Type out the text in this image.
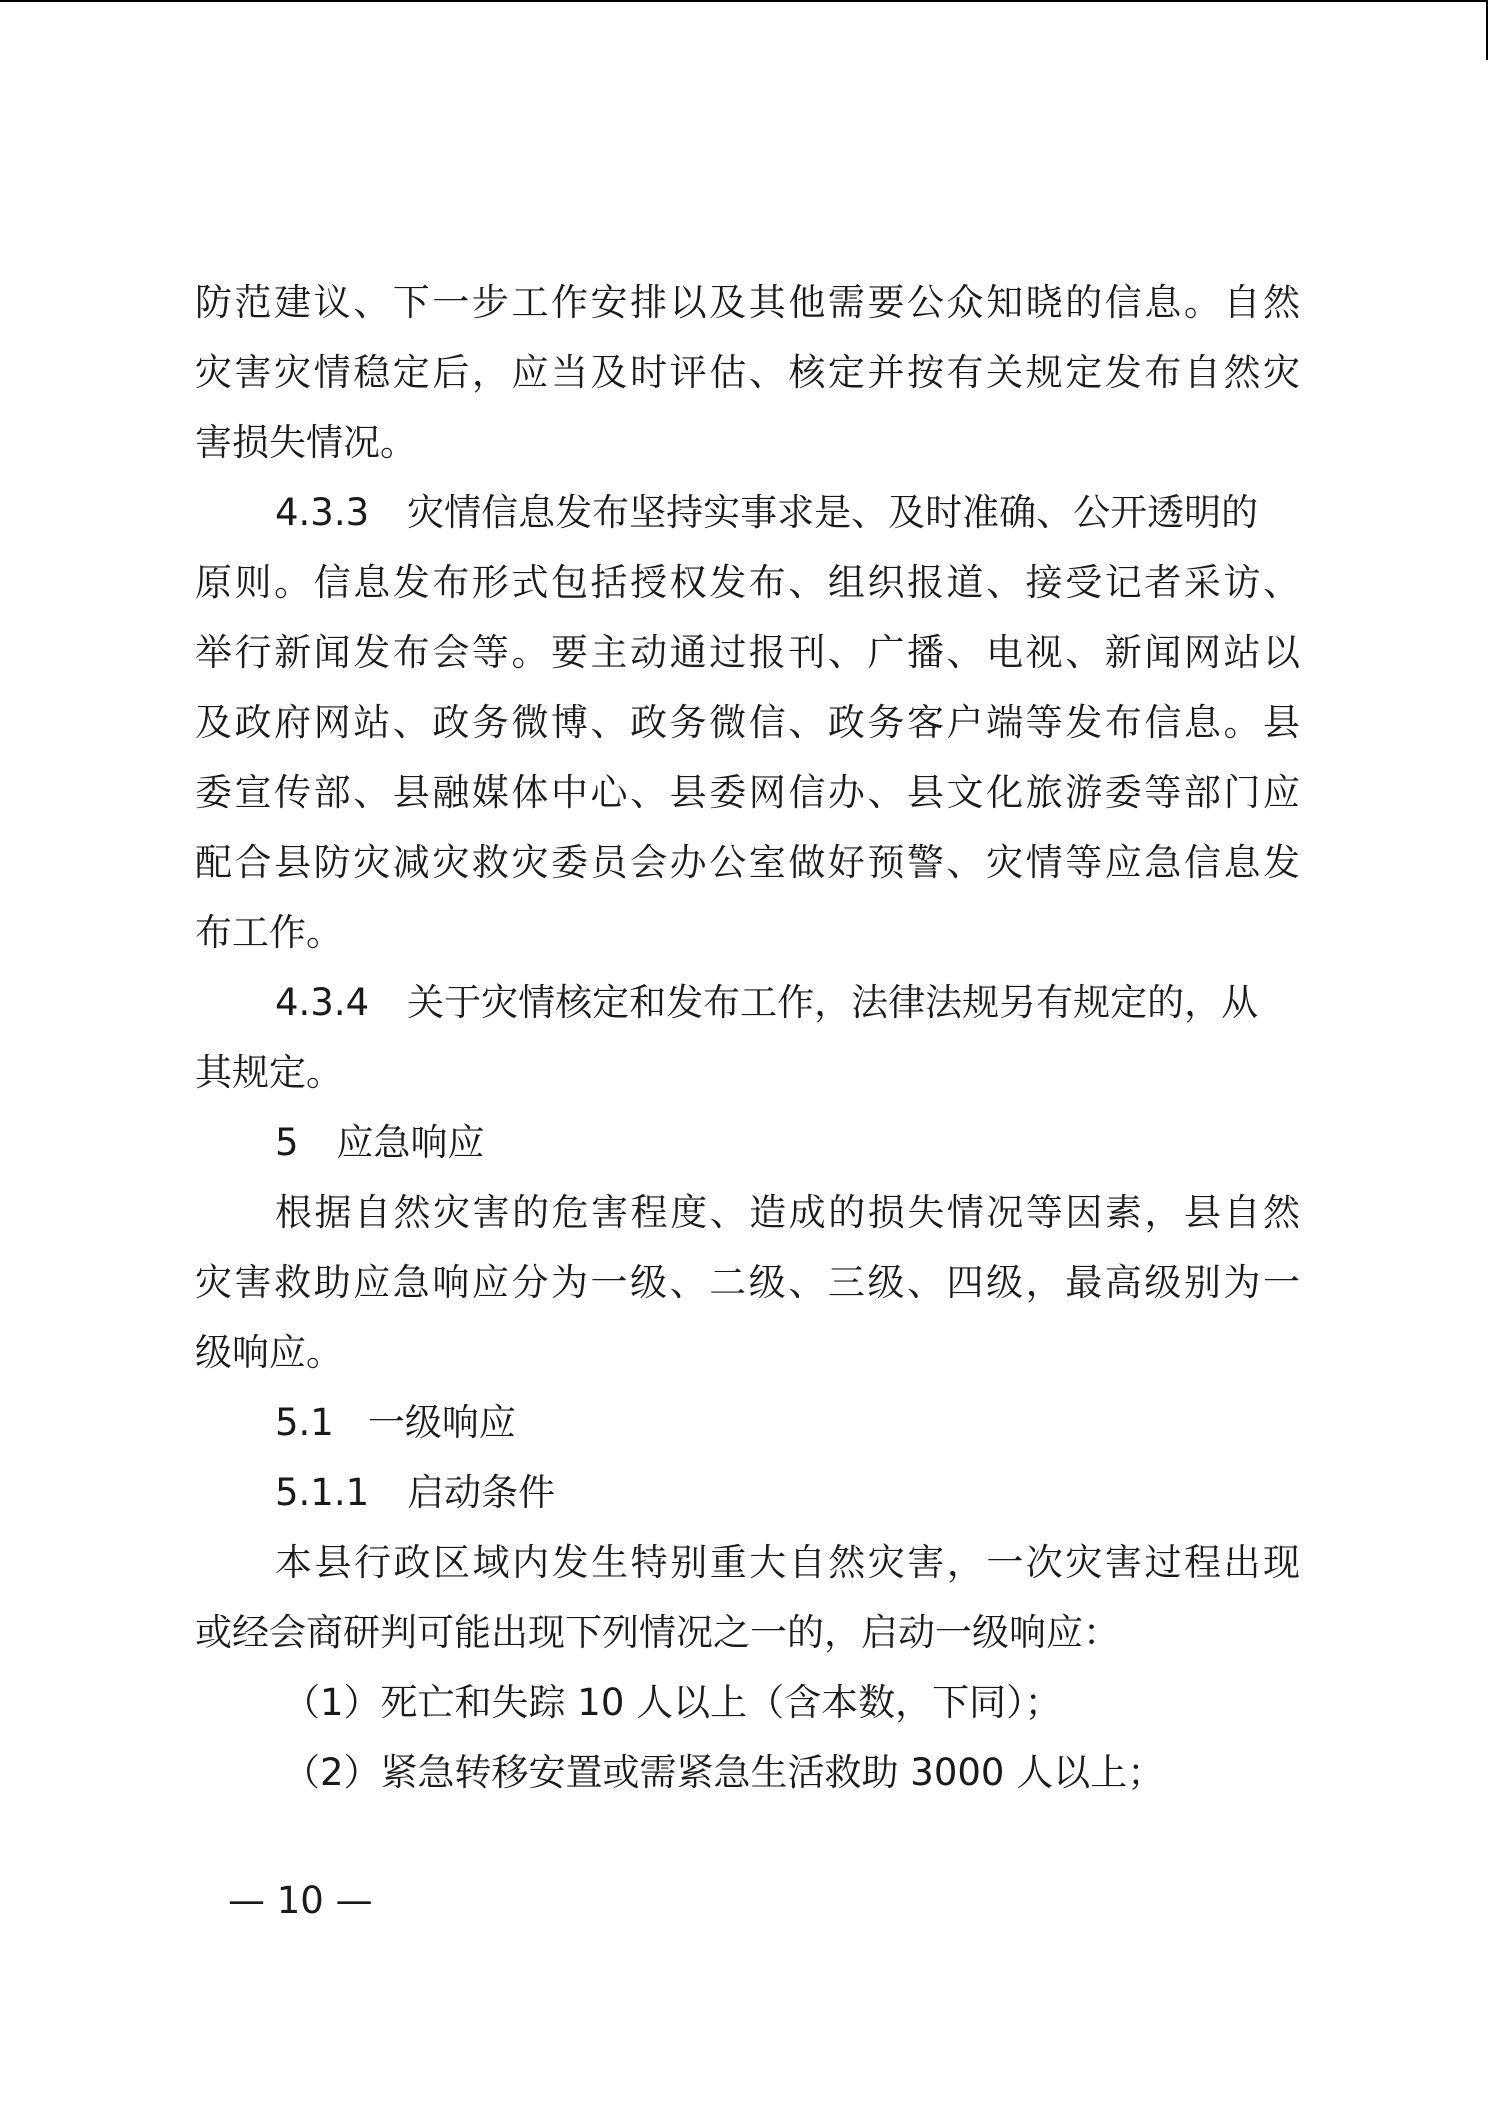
防范建议、下一步工作安排以及其他需要公众知晓的信息。自然
灾害灾情稳定后，应当及时评估、核定并按有关规定发布自然灾
害损失情况。
4.3.3 灾情信息发布坚持实事求是、及时准确、公开透明的
原则。信息发布形式包括授权发布、组织报道、接受记者采访、
举行新闻发布会等。要主动通过报刊、广播、电视、新闻网站以
及政府网站、政务微博、政务微信、政务客户端等发布信息。县
委宣传部、县融媒体中心、县委网信办、县文化旅游委等部门应
配合县防灾减灾救灾委员会办公室做好预警、灾情等应急信息发
布工作。
4.3.4 关于灾情核定和发布工作，法律法规另有规定的，从
其规定。
5 应急响应
根据自然灾害的危害程度、造成的损失情况等因素，县自然
灾害救助应急响应分为一级、二级、三级、四级，最高级别为一
级响应。
5.1 一级响应
5.1.1 启动条件
本县行政区域内发生特别重大自然灾害，一次灾害过程出现
或经会商研判可能出现下列情况之一的，启动一级响应：
（1）死亡和失踪 10 人以上（含本数，下同）；
（2）紧急转移安置或需紧急生活救助 3000 人以上；
— 10 —
